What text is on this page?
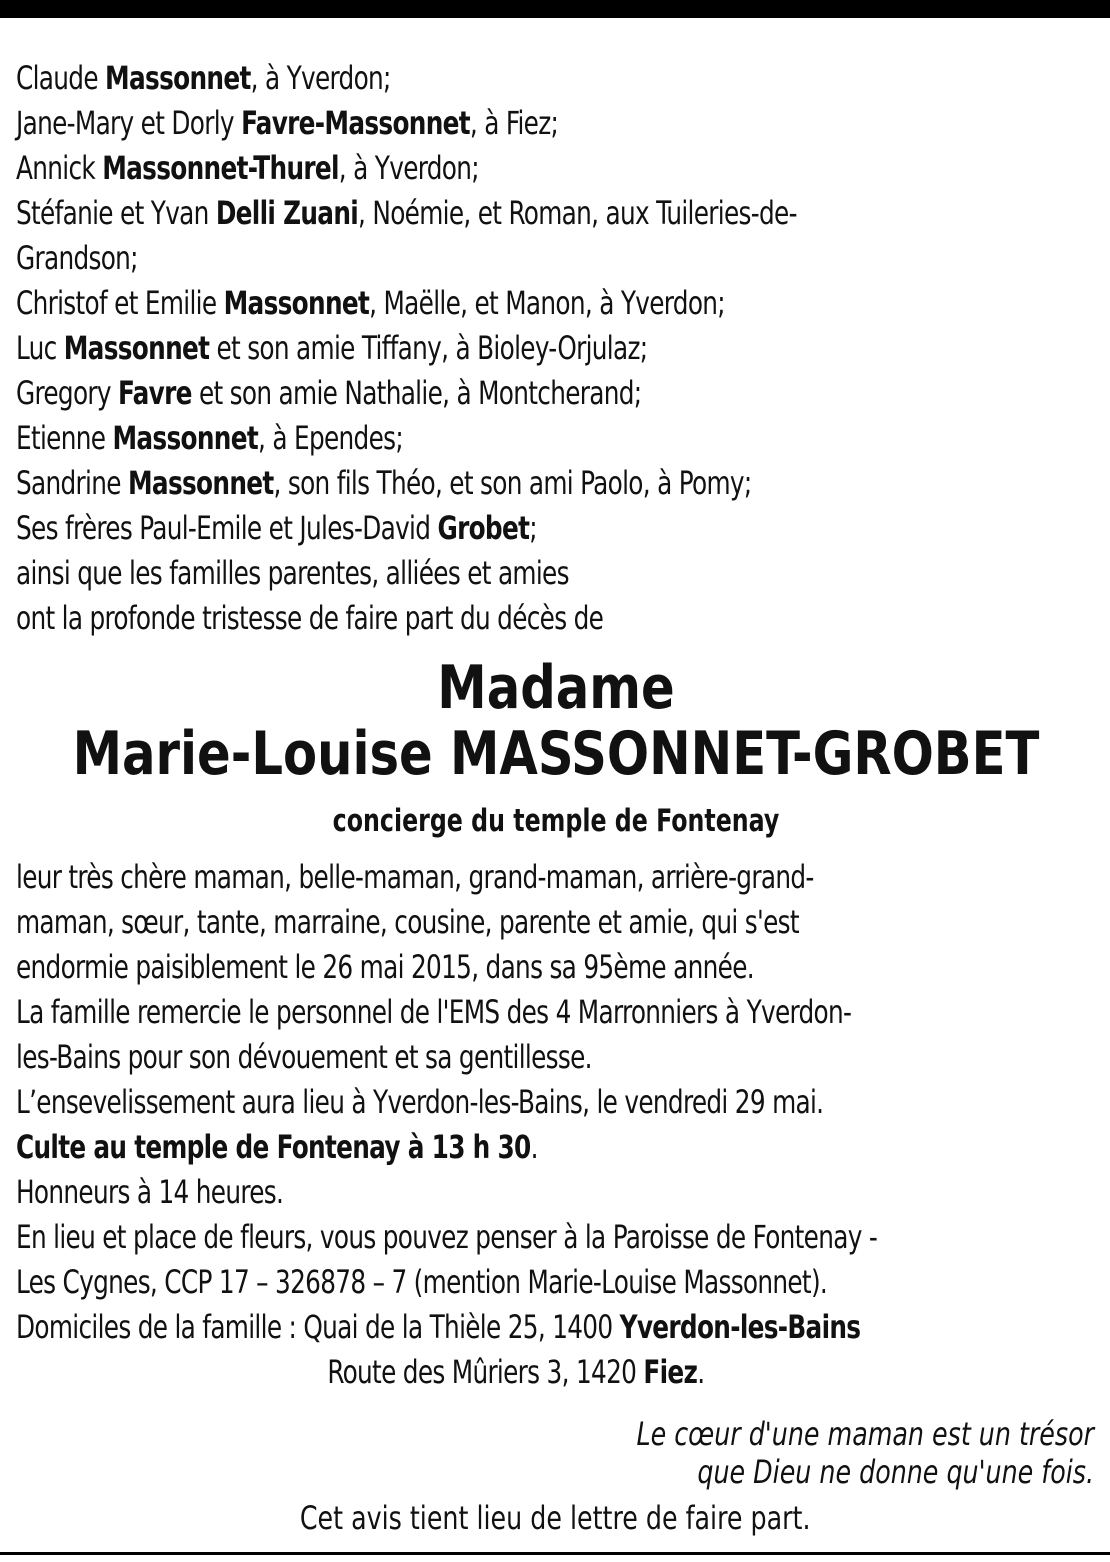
Claude Massonnet, à Yverdon;
Jane-Mary et Dorly Favre-Massonnet, à Fiez;
Annick Massonnet-Thurel, à Yverdon;
Stéfanie et Yvan Delli Zuani, Noémie, et Roman, aux Tuileries-de-
Grandson;
Christof et Emilie Massonnet, Maëlle, et Manon, à Yverdon;
Luc Massonnet et son amie Tiffany, à Bioley-Orjulaz;
Gregory Favre et son amie Nathalie, à Montcherand;
Etienne Massonnet, à Ependes;
Sandrine Massonnet, son fils Théo, et son ami Paolo, à Pomy;
Ses frères Paul-Emile et Jules-David Grobet;
ainsi que les familles parentes, alliées et amies
ont la profonde tristesse de faire part du décès de
Madame
Marie-Louise MASSONNET-GROBET
concierge du temple de Fontenay
leur très chère maman, belle-maman, grand-maman, arrière-grand-
maman, sœur, tante, marraine, cousine, parente et amie, qui s'est
endormie paisiblement le 26 mai 2015, dans sa 95ème année.
La famille remercie le personnel de l'EMS des 4 Marronniers à Yverdon-
les-Bains pour son dévouement et sa gentillesse.
L’ensevelissement aura lieu à Yverdon-les-Bains, le vendredi 29 mai.
Culte au temple de Fontenay à 13 h 30.
Honneurs à 14 heures.
En lieu et place de fleurs, vous pouvez penser à la Paroisse de Fontenay -
Les Cygnes, CCP 17 – 326878 – 7 (mention Marie-Louise Massonnet).
Domiciles de la famille : Quai de la Thièle 25, 1400 Yverdon-les-Bains
Route des Mûriers 3, 1420 Fiez.
Le cœur d'une maman est un trésor
que Dieu ne donne qu'une fois.
Cet avis tient lieu de lettre de faire part.
